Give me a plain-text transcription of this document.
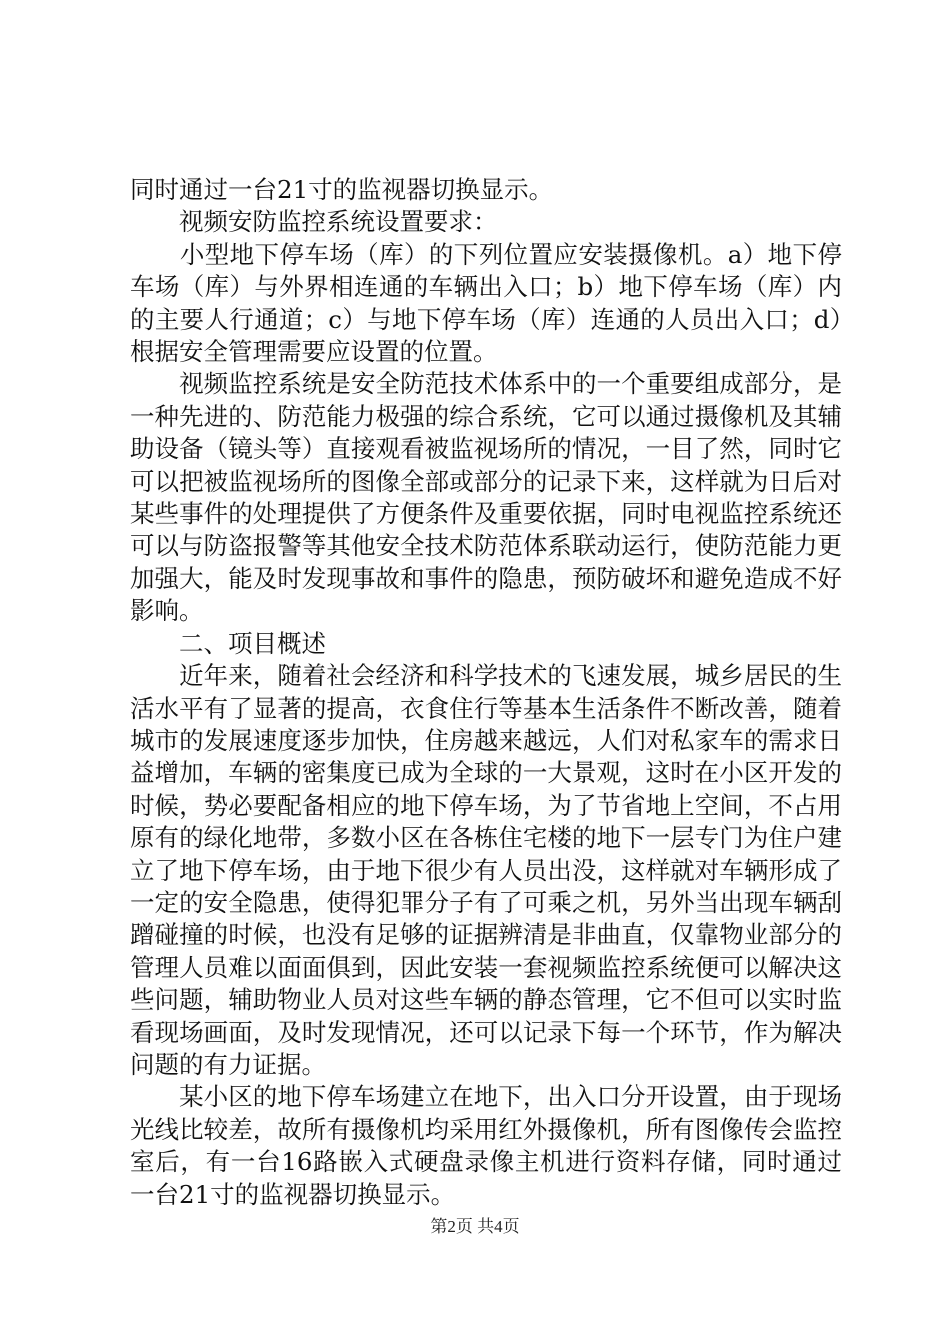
同时通过一台21寸的监视器切换显示。

　　视频安防监控系统设置要求：

　　小型地下停车场（库）的下列位置应安装摄像机。a）地下停车场（库）与外界相连通的车辆出入口；b）地下停车场（库）内的主要人行通道；c）与地下停车场（库）连通的人员出入口；d）根据安全管理需要应设置的位置。

　　视频监控系统是安全防范技术体系中的一个重要组成部分，是一种先进的、防范能力极强的综合系统，它可以通过摄像机及其辅助设备（镜头等）直接观看被监视场所的情况，一目了然，同时它可以把被监视场所的图像全部或部分的记录下来，这样就为日后对某些事件的处理提供了方便条件及重要依据，同时电视监控系统还可以与防盗报警等其他安全技术防范体系联动运行，使防范能力更加强大，能及时发现事故和事件的隐患，预防破坏和避免造成不好影响。

　　二、项目概述

　　近年来，随着社会经济和科学技术的飞速发展，城乡居民的生活水平有了显著的提高，衣食住行等基本生活条件不断改善，随着城市的发展速度逐步加快，住房越来越远，人们对私家车的需求日益增加，车辆的密集度已成为全球的一大景观，这时在小区开发的时候，势必要配备相应的地下停车场，为了节省地上空间，不占用原有的绿化地带，多数小区在各栋住宅楼的地下一层专门为住户建立了地下停车场，由于地下很少有人员出没，这样就对车辆形成了一定的安全隐患，使得犯罪分子有了可乘之机，另外当出现车辆刮蹭碰撞的时候，也没有足够的证据辨清是非曲直，仅靠物业部分的管理人员难以面面俱到，因此安装一套视频监控系统便可以解决这些问题，辅助物业人员对这些车辆的静态管理，它不但可以实时监看现场画面，及时发现情况，还可以记录下每一个环节，作为解决问题的有力证据。

　　某小区的地下停车场建立在地下，出入口分开设置，由于现场光线比较差，故所有摄像机均采用红外摄像机，所有图像传会监控室后，有一台16路嵌入式硬盘录像主机进行资料存储，同时通过一台21寸的监视器切换显示。

第2页 共4页
